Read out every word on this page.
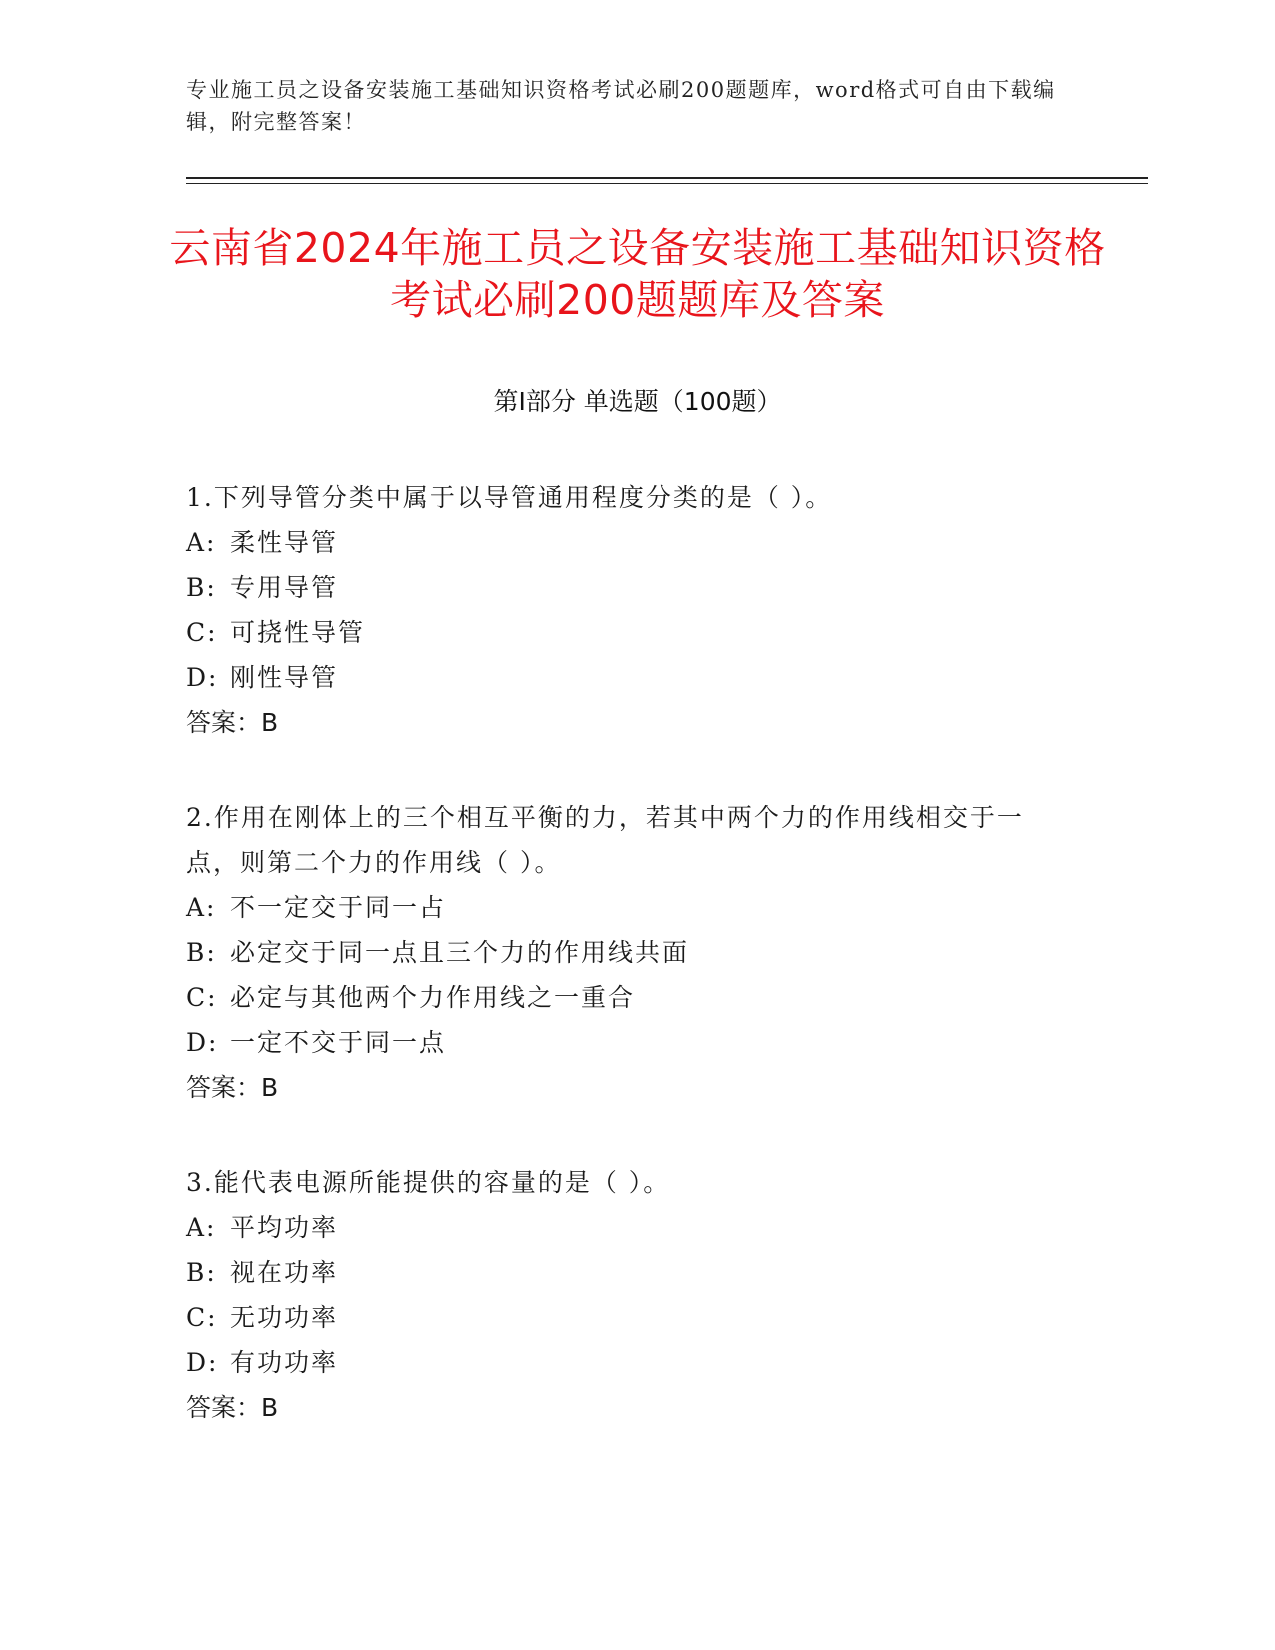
专业施工员之设备安装施工基础知识资格考试必刷200题题库，word格式可自由下载编辑，附完整答案！
云南省2024年施工员之设备安装施工基础知识资格考试必刷200题题库及答案
第Ⅰ部分 单选题（100题）
1.下列导管分类中属于以导管通用程度分类的是（ ）。
A: 柔性导管
B: 专用导管
C: 可挠性导管
D: 刚性导管
答案：B
2.作用在刚体上的三个相互平衡的力，若其中两个力的作用线相交于一点，则第二个力的作用线（ ）。
A: 不一定交于同一占
B: 必定交于同一点且三个力的作用线共面
C: 必定与其他两个力作用线之一重合
D: 一定不交于同一点
答案：B
3.能代表电源所能提供的容量的是（ ）。
A: 平均功率
B: 视在功率
C: 无功功率
D: 有功功率
答案：B
